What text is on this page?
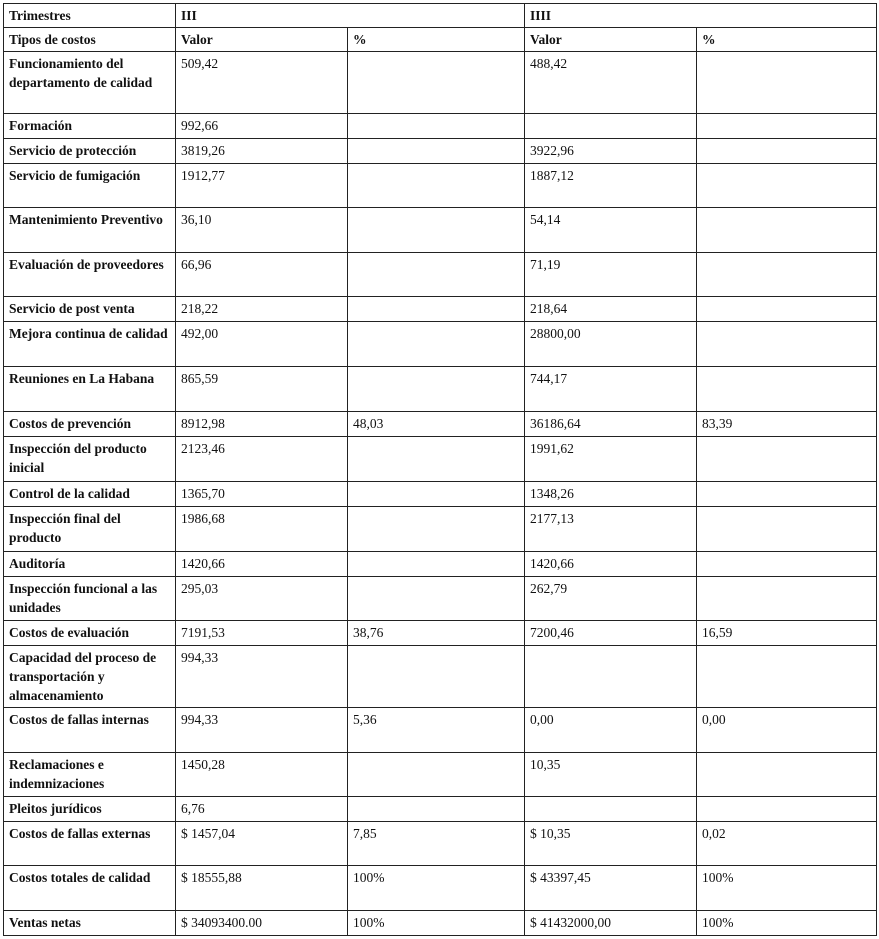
Trimestres	III		IIII	
Tipos de costos	Valor	%	Valor	%
Funcionamiento del departamento de calidad	509,42		488,42	
Formación	992,66			
Servicio de protección	3819,26		3922,96	
Servicio de fumigación	1912,77		1887,12	
Mantenimiento Preventivo	36,10		54,14	
Evaluación de proveedores	66,96		71,19	
Servicio de post venta	218,22		218,64	
Mejora continua de calidad	492,00		28800,00	
Reuniones en La Habana	865,59		744,17	
Costos de prevención	8912,98	48,03	36186,64	83,39
Inspección del producto inicial	2123,46		1991,62	
Control de la calidad	1365,70		1348,26	
Inspección final del producto	1986,68		2177,13	
Auditoría	1420,66		1420,66	
Inspección funcional a las unidades	295,03		262,79	
Costos de evaluación	7191,53	38,76	7200,46	16,59
Capacidad del proceso de transportación y almacenamiento	994,33			
Costos de fallas internas	994,33	5,36	0,00	0,00
Reclamaciones e indemnizaciones	1450,28		10,35	
Pleitos jurídicos	6,76			
Costos de fallas externas	$ 1457,04	7,85	$ 10,35	0,02
Costos totales de calidad	$ 18555,88	100%	$ 43397,45	100%
Ventas netas	$ 34093400.00	100%	$ 41432000,00	100%
